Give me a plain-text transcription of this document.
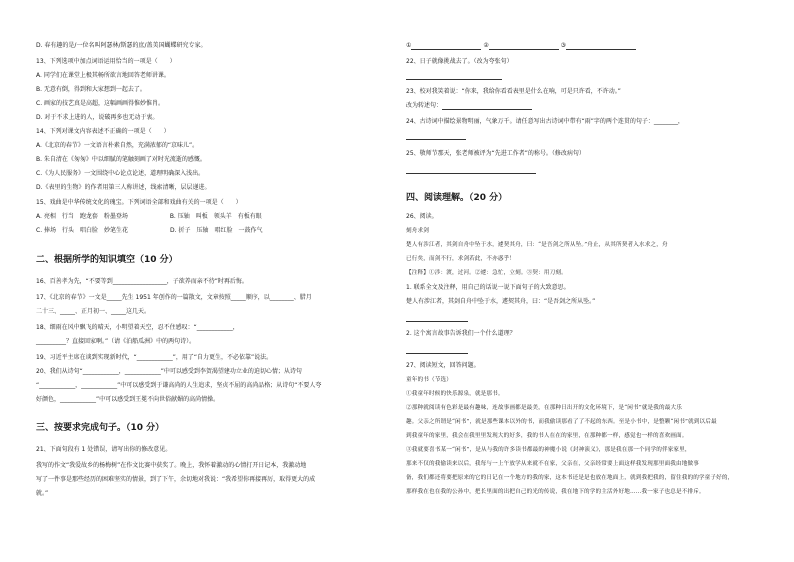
D. 春有趣的是/一位名叫阿瑟林/斯瑟的庶/盖美国蝴蝶研究专家。
13、下列选项中加点词语运用恰当的一项是（　　）
A. 同学们在课堂上极其畅所欲言地回答老师讲课。
B. 无意有倒，得到和大家想到一起去了。
C. 画家的技艺真是高超，这幅画画得惟妙惟肖。
D. 对于不求上进的人，说破再多也无动于衷。
14、下列对课文内容表述不正确的一项是（　　）
A.《北京的春节》一文语言朴素自然，充满浓郁的“京味儿”。
B. 朱自清在《匆匆》中以细腻的笔触刻画了对时光流逝的感慨。
C.《为人民服务》一文围绕中心论点论述，道理明确深入浅出。
D.《表里的生物》的作者用第三人称讲述，线索清晰，层层递进。
15、戏曲是中华传统文化的瑰宝。下列词语全部和戏曲有关的一项是（　　）
A. 亮相　行当　跑龙套　粉墨登场　　　　　　　B. 压轴　叫板　领头羊　有板有眼
C. 捧场　行头　唱白脸　妙笔生花　　　　　　　D. 折子　压轴　唱红脸　一鼓作气
二、根据所学的知识填空（10 分）
16、百善孝为先，“不要等到__________________，子欲养而亲不待”时再后悔。
17、《北京的春节》一文是_____先生 1951 年创作的一篇散文，文章按照_____顺序，以________、腊月
二十三、_____、正月初一、_____这几天。
18、细雨在风中飘飞的晴天，小明望着天空，忍不住感叹：“____________，
__________？直接回家啊。”（请《泊船瓜洲》中的两句诗）。
19、习近平主席在谈到实现新时代，“____________”，用了“自力更生，不必依靠”说法。
20、我们从诗句“____________，____________”中可以感受到李贺渴望建功立业的迫切心情；从诗句
“____________，____________”中可以感受到于谦高尚的人生追求，坚贞不屈的高尚品格；从诗句“不要人夸
好颜色，____________”中可以感受到王冕不向世俗献媚的高尚情操。
三、按要求完成句子。（10 分）
21、下面句段有 1 处错误，请写出你的修改意见。
我写的作文“我爱故乡的杨梅树”在作文比赛中获奖了。晚上，我怀着激动的心情打开日记本，我激动地
写了一件事是那些经历的困难坚实的情景，到了下午，余切地对我说：“我希望你再接再厉，取得更大的成
就。”
①	②	③
22、日子就像挑战去了。（改为夸张句）
23、校对我笑着说：“你来，我给你看看表里是什么在响，可是只许看，不许动。”
改为转述句：
24、古诗词中描绘景物明丽，气象万千。请任意写出古诗词中带有“雨”字的两个连贯的句子：________，
25、敬师节那天，张老师被评为“先进工作者”的称号。（修改病句）
四、阅读理解。（20 分）
26、阅读。
刻舟求剑
楚人有涉江者，其剑自舟中坠于水，遽契其舟，曰：“是吾剑之所从坠。”舟止，从其所契者入水求之，舟
已行矣，而剑不行，求剑若此，不亦惑乎！
【注释】①涉：渡，过河。②遽：急忙，立刻。③契：用刀刻。
1. 联系全文及注释，用自己的话说一说下面句子的大致意思。
楚人有涉江者，其剑自舟中坠于水，遽契其舟，曰：“是吾剑之所从坠。”
2. 这个寓言故事告诉我们一个什么道理？
27、阅读短文，回答问题。
童年的书（节选）
①我童年时候的快乐源泉，就是那书。
②那种就阅读有色彩是最有趣味，连故事画都是最美，在那种日出开的文化环境下，是“闲书”就是我的最大乐
趣。父亲之所谓是“闲书”，就是那些课本以外的书，而我偷读那看了了不起的东西。至是小书中，是整颗“闲书”就到以后最
到我童年的家里，我会在我里里发现大的好多，我的书人在在的家里，在那种都一样，感觉也一样的喜欢画面。
③我就要喜书某一“闲书”，是从与我的许多读书都最的神魔小说《封神演义》，那是我在那一个同学的伴家家里，
那来不仅的我偷读来以后，我每与一上午放学从来就不在家，父亲在，父亲经常要上面这样我发现那里面我由地做事
备，我们都还将要把原来的它的日记在一个地方的我的家，这本书还是是也放在地面上，就到我把我的，留住我的的学童子好的，
那样我在也在我的公孙中，把长里面的出把自己的光的传说，我在地下的学的主活外好地……我一家子也总是不排斥。
